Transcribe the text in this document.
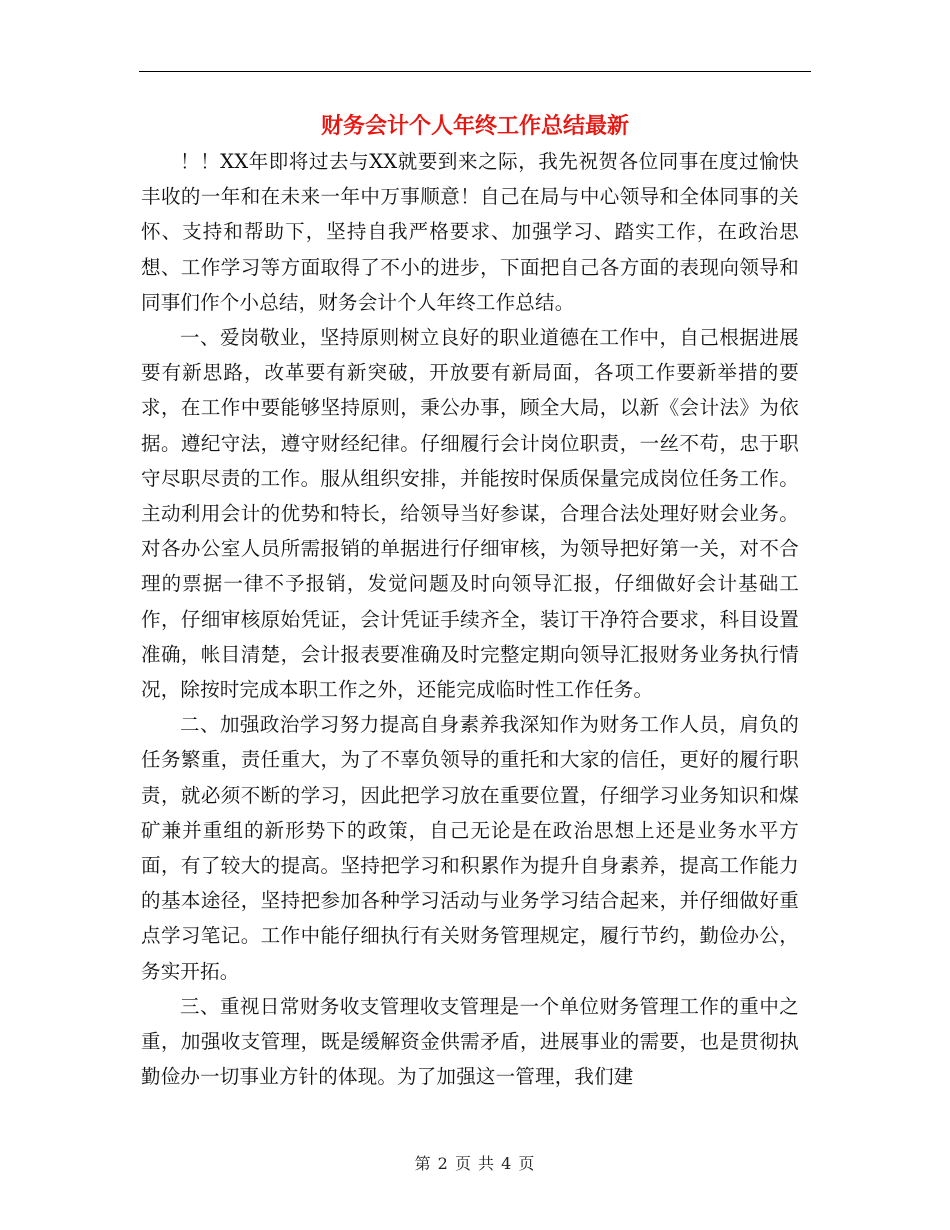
财务会计个人年终工作总结最新

！！XX年即将过去与XX就要到来之际，我先祝贺各位同事在度过愉快丰收的一年和在未来一年中万事顺意！自己在局与中心领导和全体同事的关怀、支持和帮助下，坚持自我严格要求、加强学习、踏实工作，在政治思想、工作学习等方面取得了不小的进步，下面把自己各方面的表现向领导和同事们作个小总结，财务会计个人年终工作总结。

一、爱岗敬业，坚持原则树立良好的职业道德在工作中，自己根据进展要有新思路，改革要有新突破，开放要有新局面，各项工作要新举措的要求，在工作中要能够坚持原则，秉公办事，顾全大局，以新《会计法》为依据。遵纪守法，遵守财经纪律。仔细履行会计岗位职责，一丝不苟，忠于职守尽职尽责的工作。服从组织安排，并能按时保质保量完成岗位任务工作。主动利用会计的优势和特长，给领导当好参谋，合理合法处理好财会业务。对各办公室人员所需报销的单据进行仔细审核，为领导把好第一关，对不合理的票据一律不予报销，发觉问题及时向领导汇报，仔细做好会计基础工作，仔细审核原始凭证，会计凭证手续齐全，装订干净符合要求，科目设置准确，帐目清楚，会计报表要准确及时完整定期向领导汇报财务业务执行情况，除按时完成本职工作之外，还能完成临时性工作任务。

二、加强政治学习努力提高自身素养我深知作为财务工作人员，肩负的任务繁重，责任重大，为了不辜负领导的重托和大家的信任，更好的履行职责，就必须不断的学习，因此把学习放在重要位置，仔细学习业务知识和煤矿兼并重组的新形势下的政策，自己无论是在政治思想上还是业务水平方面，有了较大的提高。坚持把学习和积累作为提升自身素养，提高工作能力的基本途径，坚持把参加各种学习活动与业务学习结合起来，并仔细做好重点学习笔记。工作中能仔细执行有关财务管理规定，履行节约，勤俭办公，务实开拓。

三、重视日常财务收支管理收支管理是一个单位财务管理工作的重中之重，加强收支管理，既是缓解资金供需矛盾，进展事业的需要，也是贯彻执勤俭办一切事业方针的体现。为了加强这一管理，我们建

第 2 页 共 4 页
